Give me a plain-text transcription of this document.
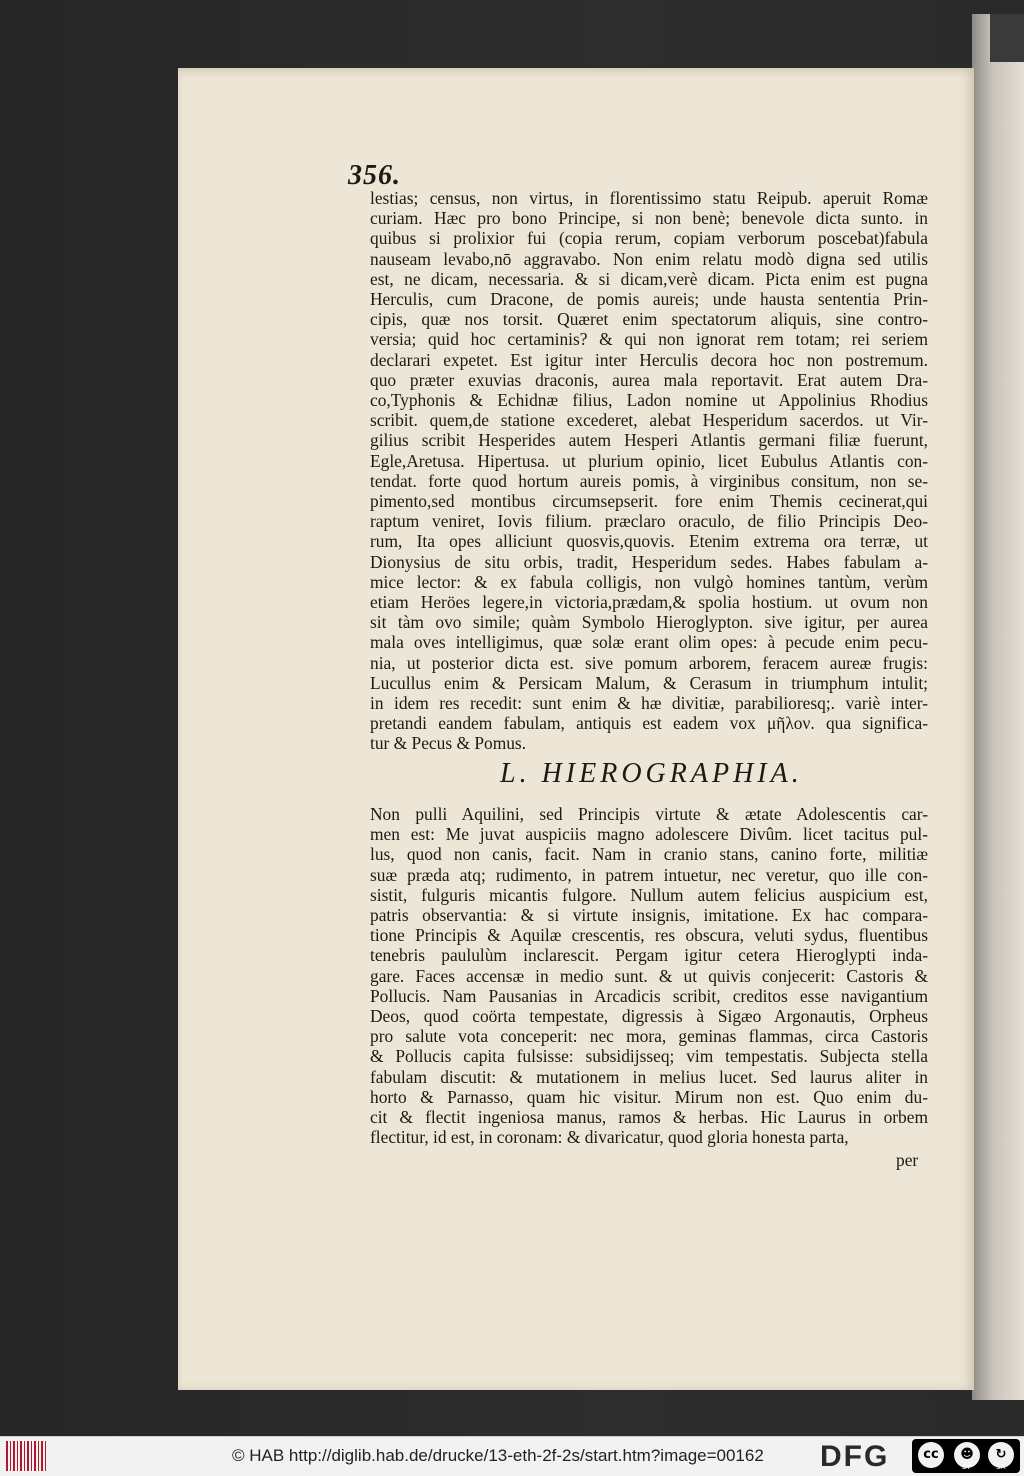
356.
lestias; census, non virtus, in florentissimo statu Reipub. aperuit Romæ
curiam. Hæc pro bono Principe, si non benè; benevole dicta sunto. in
quibus si prolixior fui (copia rerum, copiam verborum poscebat)fabula
nauseam levabo,nō aggravabo. Non enim relatu modò digna sed utilis
est, ne dicam, necessaria. & si dicam,verè dicam. Picta enim est pugna
Herculis, cum Dracone, de pomis aureis; unde hausta sententia Prin-
cipis, quæ nos torsit. Quæret enim spectatorum aliquis, sine contro-
versia; quid hoc certaminis? & qui non ignorat rem totam; rei seriem
declarari expetet. Est igitur inter Herculis decora hoc non postremum.
quo præter exuvias draconis, aurea mala reportavit. Erat autem Dra-
co,Typhonis & Echidnæ filius, Ladon nomine ut Appolinius Rhodius
scribit. quem,de statione excederet, alebat Hesperidum sacerdos. ut Vir-
gilius scribit Hesperides autem Hesperi Atlantis germani filiæ fuerunt,
Egle,Aretusa. Hipertusa. ut plurium opinio, licet Eubulus Atlantis con-
tendat. forte quod hortum aureis pomis, à virginibus consitum, non se-
pimento,sed montibus circumsepserit. fore enim Themis cecinerat,qui
raptum veniret, Iovis filium. præclaro oraculo, de filio Principis Deo-
rum, Ita opes alliciunt quosvis,quovis. Etenim extrema ora terræ, ut
Dionysius de situ orbis, tradit, Hesperidum sedes. Habes fabulam a-
mice lector: & ex fabula colligis, non vulgò homines tantùm, verùm
etiam Heröes legere,in victoria,prædam,& spolia hostium. ut ovum non
sit tàm ovo simile; quàm Symbolo Hieroglypton. sive igitur, per aurea
mala oves intelligimus, quæ solæ erant olim opes: à pecude enim pecu-
nia, ut posterior dicta est. sive pomum arborem, feracem aureæ frugis:
Lucullus enim & Persicam Malum, & Cerasum in triumphum intulit;
in idem res recedit: sunt enim & hæ divitiæ, parabilioresq;. variè inter-
pretandi eandem fabulam, antiquis est eadem vox μῆλον. qua significa-
tur & Pecus & Pomus.
L. HIEROGRAPHIA.
Non pulli Aquilini, sed Principis virtute & ætate Adolescentis car-
men est: Me juvat auspiciis magno adolescere Divûm. licet tacitus pul-
lus, quod non canis, facit. Nam in cranio stans, canino forte, militiæ
suæ præda atq; rudimento, in patrem intuetur, nec veretur, quo ille con-
sistit, fulguris micantis fulgore. Nullum autem felicius auspicium est,
patris observantia: & si virtute insignis, imitatione. Ex hac compara-
tione Principis & Aquilæ crescentis, res obscura, veluti sydus, fluentibus
tenebris paululùm inclarescit. Pergam igitur cetera Hieroglypti inda-
gare. Faces accensæ in medio sunt. & ut quivis conjecerit: Castoris &
Pollucis. Nam Pausanias in Arcadicis scribit, creditos esse navigantium
Deos, quod coörta tempestate, digressis à Sigæo Argonautis, Orpheus
pro salute vota conceperit: nec mora, geminas flammas, circa Castoris
& Pollucis capita fulsisse: subsidijsseq; vim tempestatis. Subjecta stella
fabulam discutit: & mutationem in melius lucet. Sed laurus aliter in
horto & Parnasso, quam hic visitur. Mirum non est. Quo enim du-
cit & flectit ingeniosa manus, ramos & herbas. Hic Laurus in orbem
flectitur, id est, in coronam: & divaricatur, quod gloria honesta parta,
per
© HAB http://diglib.hab.de/drucke/13-eth-2f-2s/start.htm?image=00162 DFG	cc	☻	↻
BY	SA
